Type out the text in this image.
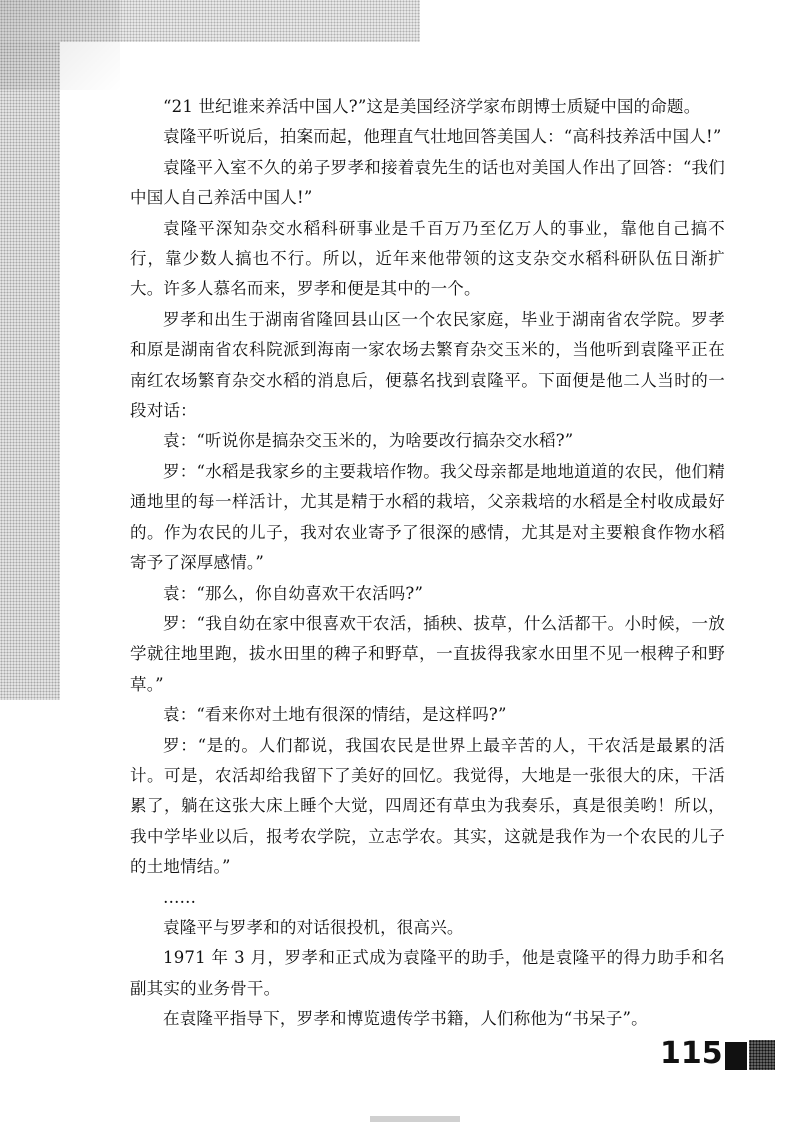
“21 世纪谁来养活中国人?”这是美国经济学家布朗博士质疑中国的命题。

袁隆平听说后，拍案而起，他理直气壮地回答美国人：“高科技养活中国人!”

袁隆平入室不久的弟子罗孝和接着袁先生的话也对美国人作出了回答：“我们中国人自己养活中国人!”

袁隆平深知杂交水稻科研事业是千百万乃至亿万人的事业，靠他自己搞不行，靠少数人搞也不行。所以，近年来他带领的这支杂交水稻科研队伍日渐扩大。许多人慕名而来，罗孝和便是其中的一个。

罗孝和出生于湖南省隆回县山区一个农民家庭，毕业于湖南省农学院。罗孝和原是湖南省农科院派到海南一家农场去繁育杂交玉米的，当他听到袁隆平正在南红农场繁育杂交水稻的消息后，便慕名找到袁隆平。下面便是他二人当时的一段对话：

袁：“听说你是搞杂交玉米的，为啥要改行搞杂交水稻?”

罗：“水稻是我家乡的主要栽培作物。我父母亲都是地地道道的农民，他们精通地里的每一样活计，尤其是精于水稻的栽培，父亲栽培的水稻是全村收成最好的。作为农民的儿子，我对农业寄予了很深的感情，尤其是对主要粮食作物水稻寄予了深厚感情。”

袁：“那么，你自幼喜欢干农活吗?”

罗：“我自幼在家中很喜欢干农活，插秧、拔草，什么活都干。小时候，一放学就往地里跑，拔水田里的稗子和野草，一直拔得我家水田里不见一根稗子和野草。”

袁：“看来你对土地有很深的情结，是这样吗?”

罗：“是的。人们都说，我国农民是世界上最辛苦的人，干农活是最累的活计。可是，农活却给我留下了美好的回忆。我觉得，大地是一张很大的床，干活累了，躺在这张大床上睡个大觉，四周还有草虫为我奏乐，真是很美哟！所以，我中学毕业以后，报考农学院，立志学农。其实，这就是我作为一个农民的儿子的土地情结。”

……

袁隆平与罗孝和的对话很投机，很高兴。

1971 年 3 月，罗孝和正式成为袁隆平的助手，他是袁隆平的得力助手和名副其实的业务骨干。

在袁隆平指导下，罗孝和博览遗传学书籍，人们称他为“书呆子”。

115
